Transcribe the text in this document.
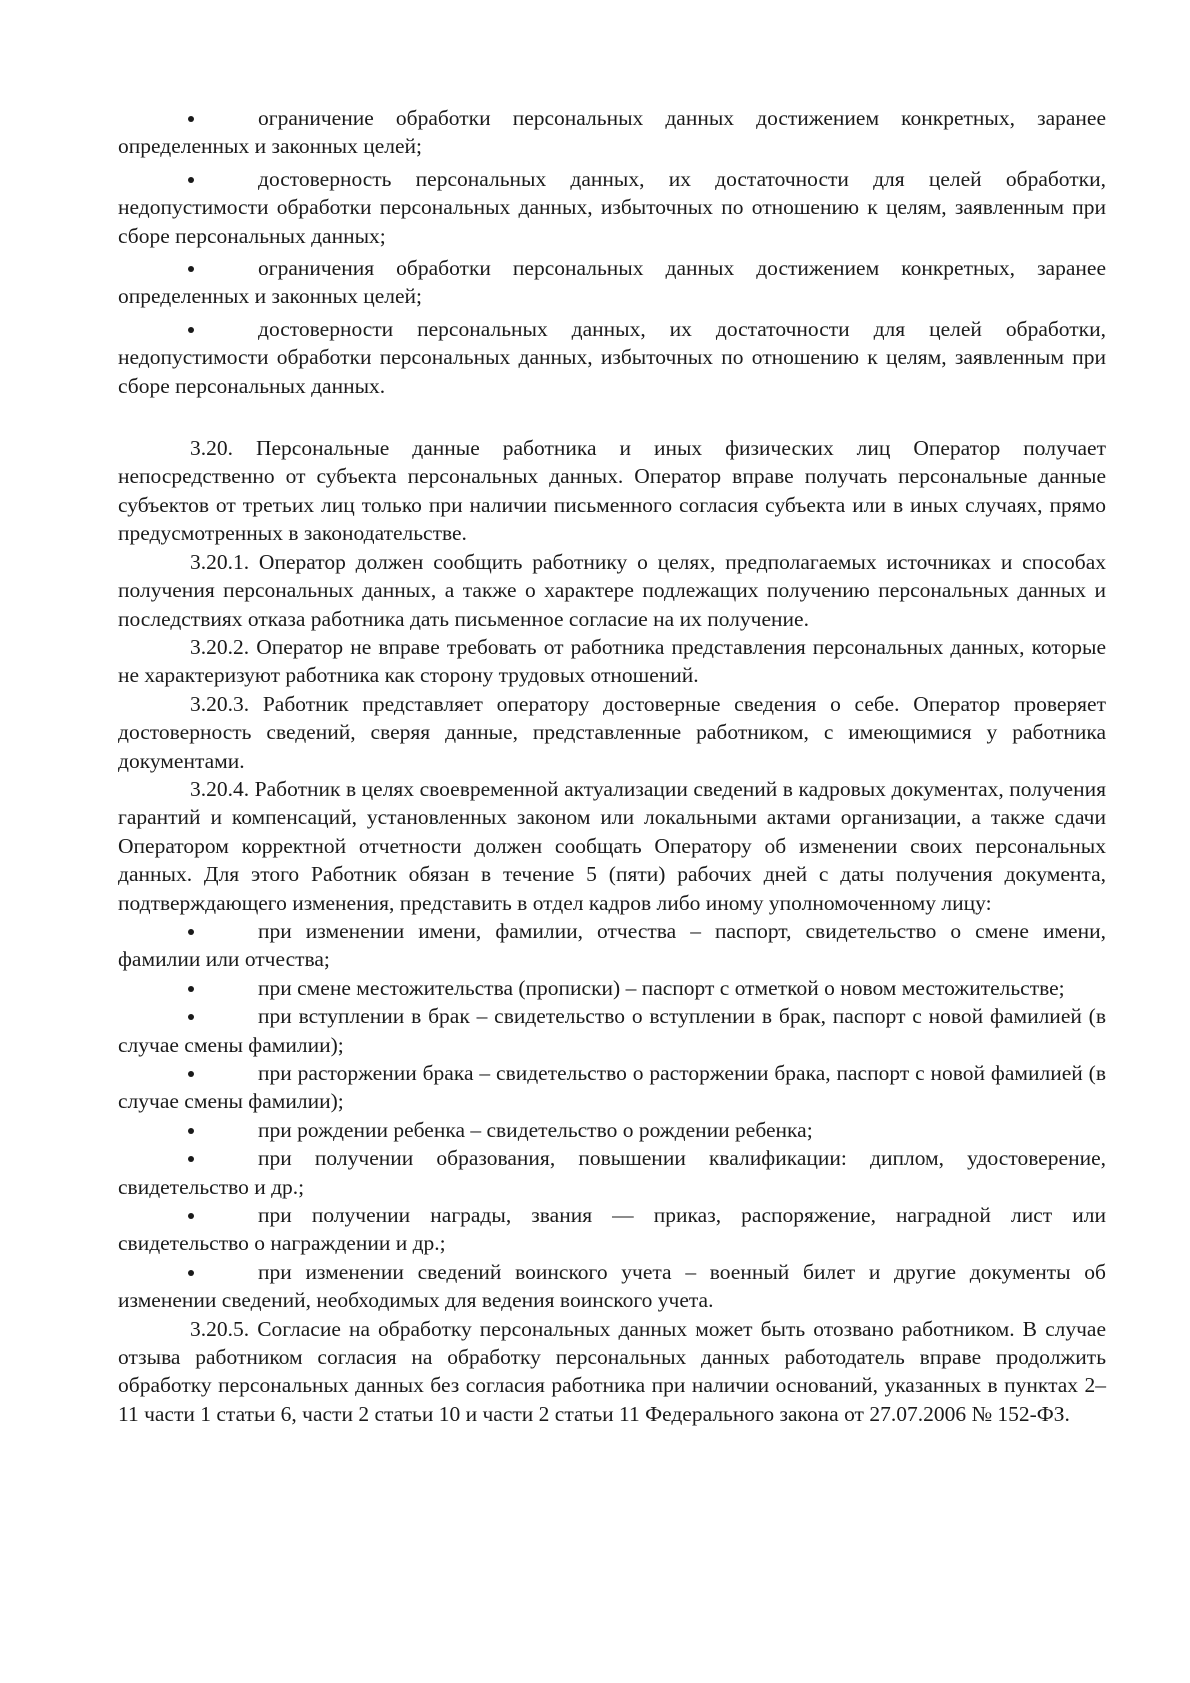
ограничение обработки персональных данных достижением конкретных, заранее определенных и законных целей;

достоверность персональных данных, их достаточности для целей обработки, недопустимости обработки персональных данных, избыточных по отношению к целям, заявленным при сборе персональных данных;

ограничения обработки персональных данных достижением конкретных, заранее определенных и законных целей;

достоверности персональных данных, их достаточности для целей обработки, недопустимости обработки персональных данных, избыточных по отношению к целям, заявленным при сборе персональных данных.

3.20. Персональные данные работника и иных физических лиц Оператор получает непосредственно от субъекта персональных данных. Оператор вправе получать персональные данные субъектов от третьих лиц только при наличии письменного согласия субъекта или в иных случаях, прямо предусмотренных в законодательстве.

3.20.1. Оператор должен сообщить работнику о целях, предполагаемых источниках и способах получения персональных данных, а также о характере подлежащих получению персональных данных и последствиях отказа работника дать письменное согласие на их получение.

3.20.2. Оператор не вправе требовать от работника представления персональных данных, которые не характеризуют работника как сторону трудовых отношений.

3.20.3. Работник представляет оператору достоверные сведения о себе. Оператор проверяет достоверность сведений, сверяя данные, представленные работником, с имеющимися у работника документами.

3.20.4. Работник в целях своевременной актуализации сведений в кадровых документах, получения гарантий и компенсаций, установленных законом или локальными актами организации, а также сдачи Оператором корректной отчетности должен сообщать Оператору об изменении своих персональных данных. Для этого Работник обязан в течение 5 (пяти) рабочих дней с даты получения документа, подтверждающего изменения, представить в отдел кадров либо иному уполномоченному лицу:

при изменении имени, фамилии, отчества – паспорт, свидетельство о смене имени, фамилии или отчества;

при смене местожительства (прописки) – паспорт с отметкой о новом местожительстве;

при вступлении в брак – свидетельство о вступлении в брак, паспорт с новой фамилией (в случае смены фамилии);

при расторжении брака – свидетельство о расторжении брака, паспорт с новой фамилией (в случае смены фамилии);

при рождении ребенка – свидетельство о рождении ребенка;

при получении образования, повышении квалификации: диплом, удостоверение, свидетельство и др.;

при получении награды, звания — приказ, распоряжение, наградной лист или свидетельство о награждении и др.;

при изменении сведений воинского учета – военный билет и другие документы об изменении сведений, необходимых для ведения воинского учета.

3.20.5. Согласие на обработку персональных данных может быть отозвано работником. В случае отзыва работником согласия на обработку персональных данных работодатель вправе продолжить обработку персональных данных без согласия работника при наличии оснований, указанных в пунктах 2–11 части 1 статьи 6, части 2 статьи 10 и части 2 статьи 11 Федерального закона от 27.07.2006 № 152-ФЗ.
